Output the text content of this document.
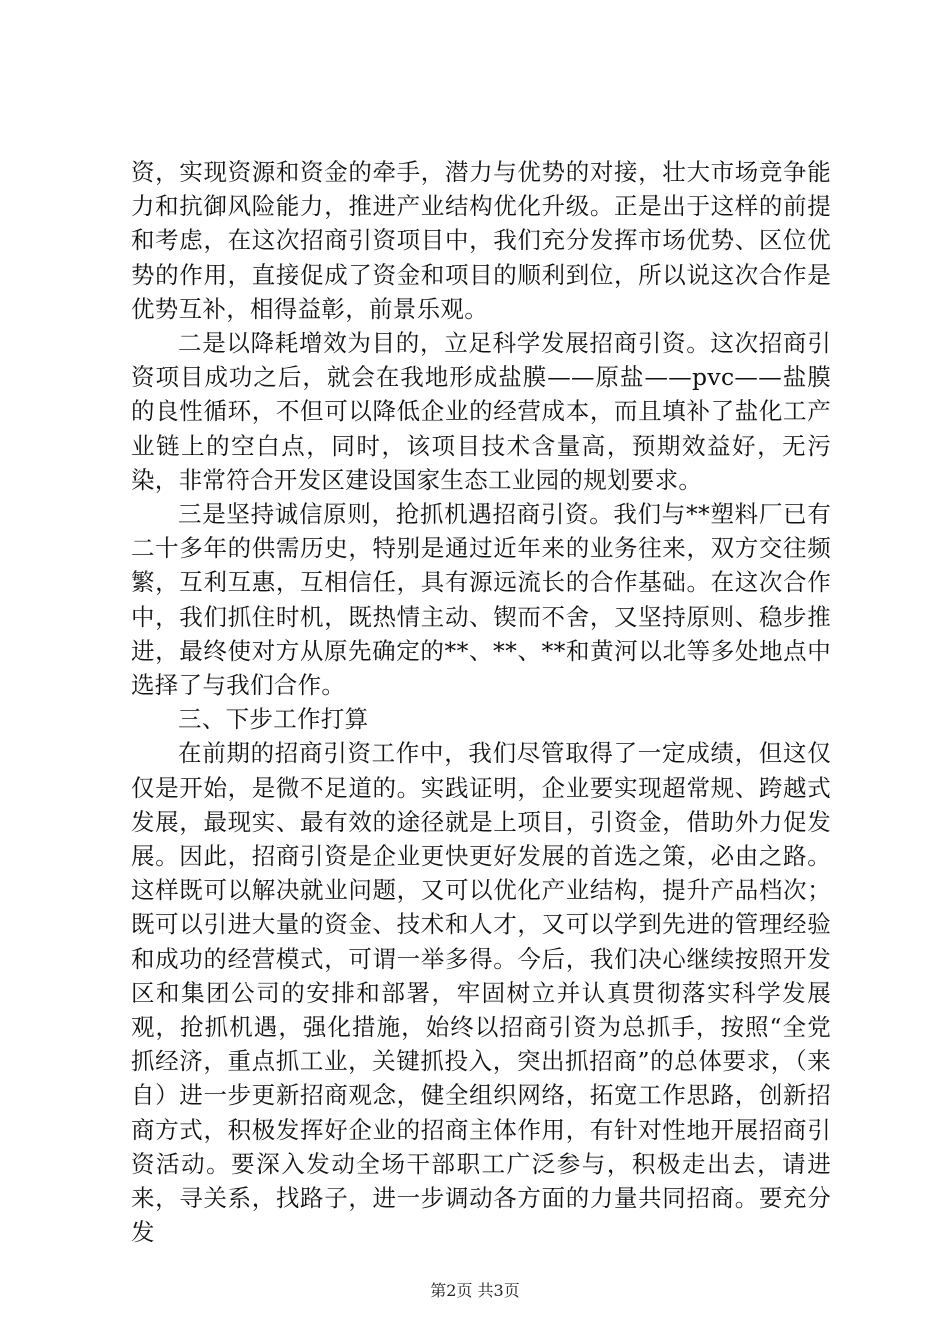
资，实现资源和资金的牵手，潜力与优势的对接，壮大市场竞争能力和抗御风险能力，推进产业结构优化升级。正是出于这样的前提和考虑，在这次招商引资项目中，我们充分发挥市场优势、区位优势的作用，直接促成了资金和项目的顺利到位，所以说这次合作是优势互补，相得益彰，前景乐观。

二是以降耗增效为目的，立足科学发展招商引资。这次招商引资项目成功之后，就会在我地形成盐膜——原盐——pvc——盐膜的良性循环，不但可以降低企业的经营成本，而且填补了盐化工产业链上的空白点，同时，该项目技术含量高，预期效益好，无污染，非常符合开发区建设国家生态工业园的规划要求。

三是坚持诚信原则，抢抓机遇招商引资。我们与**塑料厂已有二十多年的供需历史，特别是通过近年来的业务往来，双方交往频繁，互利互惠，互相信任，具有源远流长的合作基础。在这次合作中，我们抓住时机，既热情主动、锲而不舍，又坚持原则、稳步推进，最终使对方从原先确定的**、**、**和黄河以北等多处地点中选择了与我们合作。

三、下步工作打算

在前期的招商引资工作中，我们尽管取得了一定成绩，但这仅仅是开始，是微不足道的。实践证明，企业要实现超常规、跨越式发展，最现实、最有效的途径就是上项目，引资金，借助外力促发展。因此，招商引资是企业更快更好发展的首选之策，必由之路。这样既可以解决就业问题，又可以优化产业结构，提升产品档次；既可以引进大量的资金、技术和人才，又可以学到先进的管理经验和成功的经营模式，可谓一举多得。今后，我们决心继续按照开发区和集团公司的安排和部署，牢固树立并认真贯彻落实科学发展观，抢抓机遇，强化措施，始终以招商引资为总抓手，按照“全党抓经济，重点抓工业，关键抓投入，突出抓招商”的总体要求，（来自）进一步更新招商观念，健全组织网络，拓宽工作思路，创新招商方式，积极发挥好企业的招商主体作用，有针对性地开展招商引资活动。要深入发动全场干部职工广泛参与，积极走出去，请进来，寻关系，找路子，进一步调动各方面的力量共同招商。要充分发

第2页 共3页
